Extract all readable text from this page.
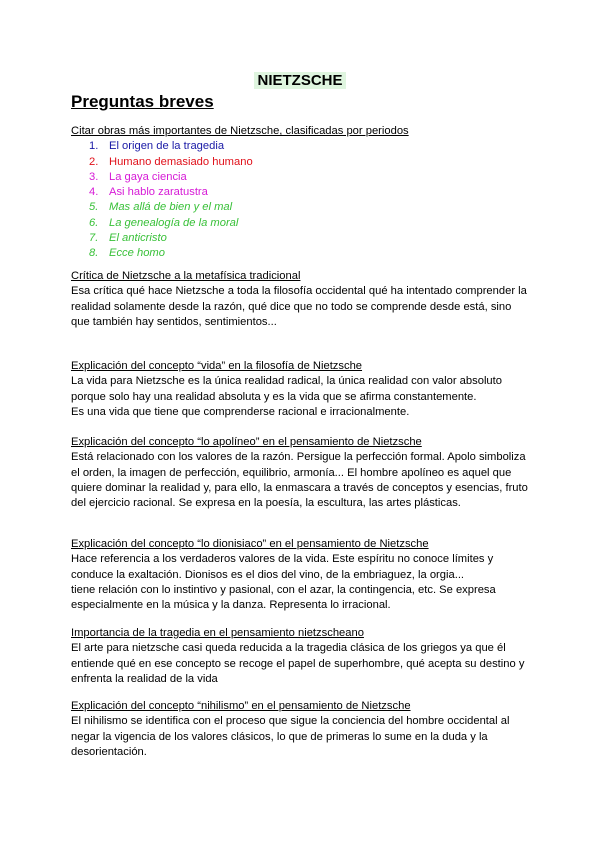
NIETZSCHE
Preguntas breves
Citar obras más importantes de Nietzsche, clasificadas por periodos
1. El origen de la tragedia
2. Humano demasiado humano
3. La gaya ciencia
4. Asi hablo zaratustra
5. Mas allá de bien y el mal
6. La genealogía de la moral
7. El anticristo
8. Ecce homo
Crítica de Nietzsche a la metafísica tradicional

Esa crítica qué hace Nietzsche a toda la filosofía occidental qué ha intentado comprender la

realidad solamente desde la razón, qué dice que no todo se comprende desde está, sino

que también hay sentidos, sentimientos...

Explicación del concepto “vida” en la filosofía de Nietzsche

La vida para Nietzsche es la única realidad radical, la única realidad con valor absoluto

porque solo hay una realidad absoluta y es la vida que se afirma constantemente.

Es una vida que tiene que comprenderse racional e irracionalmente.

Explicación del concepto “lo apolíneo” en el pensamiento de Nietzsche

Está relacionado con los valores de la razón. Persigue la perfección formal. Apolo simboliza

el orden, la imagen de perfección, equilibrio, armonía... El hombre apolíneo es aquel que

quiere dominar la realidad y, para ello, la enmascara a través de conceptos y esencias, fruto

del ejercicio racional. Se expresa en la poesía, la escultura, las artes plásticas.

Explicación del concepto “lo dionisiaco” en el pensamiento de Nietzsche

Hace referencia a los verdaderos valores de la vida. Este espíritu no conoce límites y

conduce la exaltación. Dionisos es el dios del vino, de la embriaguez, la orgia...

tiene relación con lo instintivo y pasional, con el azar, la contingencia, etc. Se expresa

especialmente en la música y la danza. Representa lo irracional.

Importancia de la tragedia en el pensamiento nietzscheano

El arte para nietzsche casi queda reducida a la tragedia clásica de los griegos ya que él

entiende qué en ese concepto se recoge el papel de superhombre, qué acepta su destino y

enfrenta la realidad de la vida

Explicación del concepto “nihilismo” en el pensamiento de Nietzsche

El nihilismo se identifica con el proceso que sigue la conciencia del hombre occidental al

negar la vigencia de los valores clásicos, lo que de primeras lo sume en la duda y la

desorientación.
